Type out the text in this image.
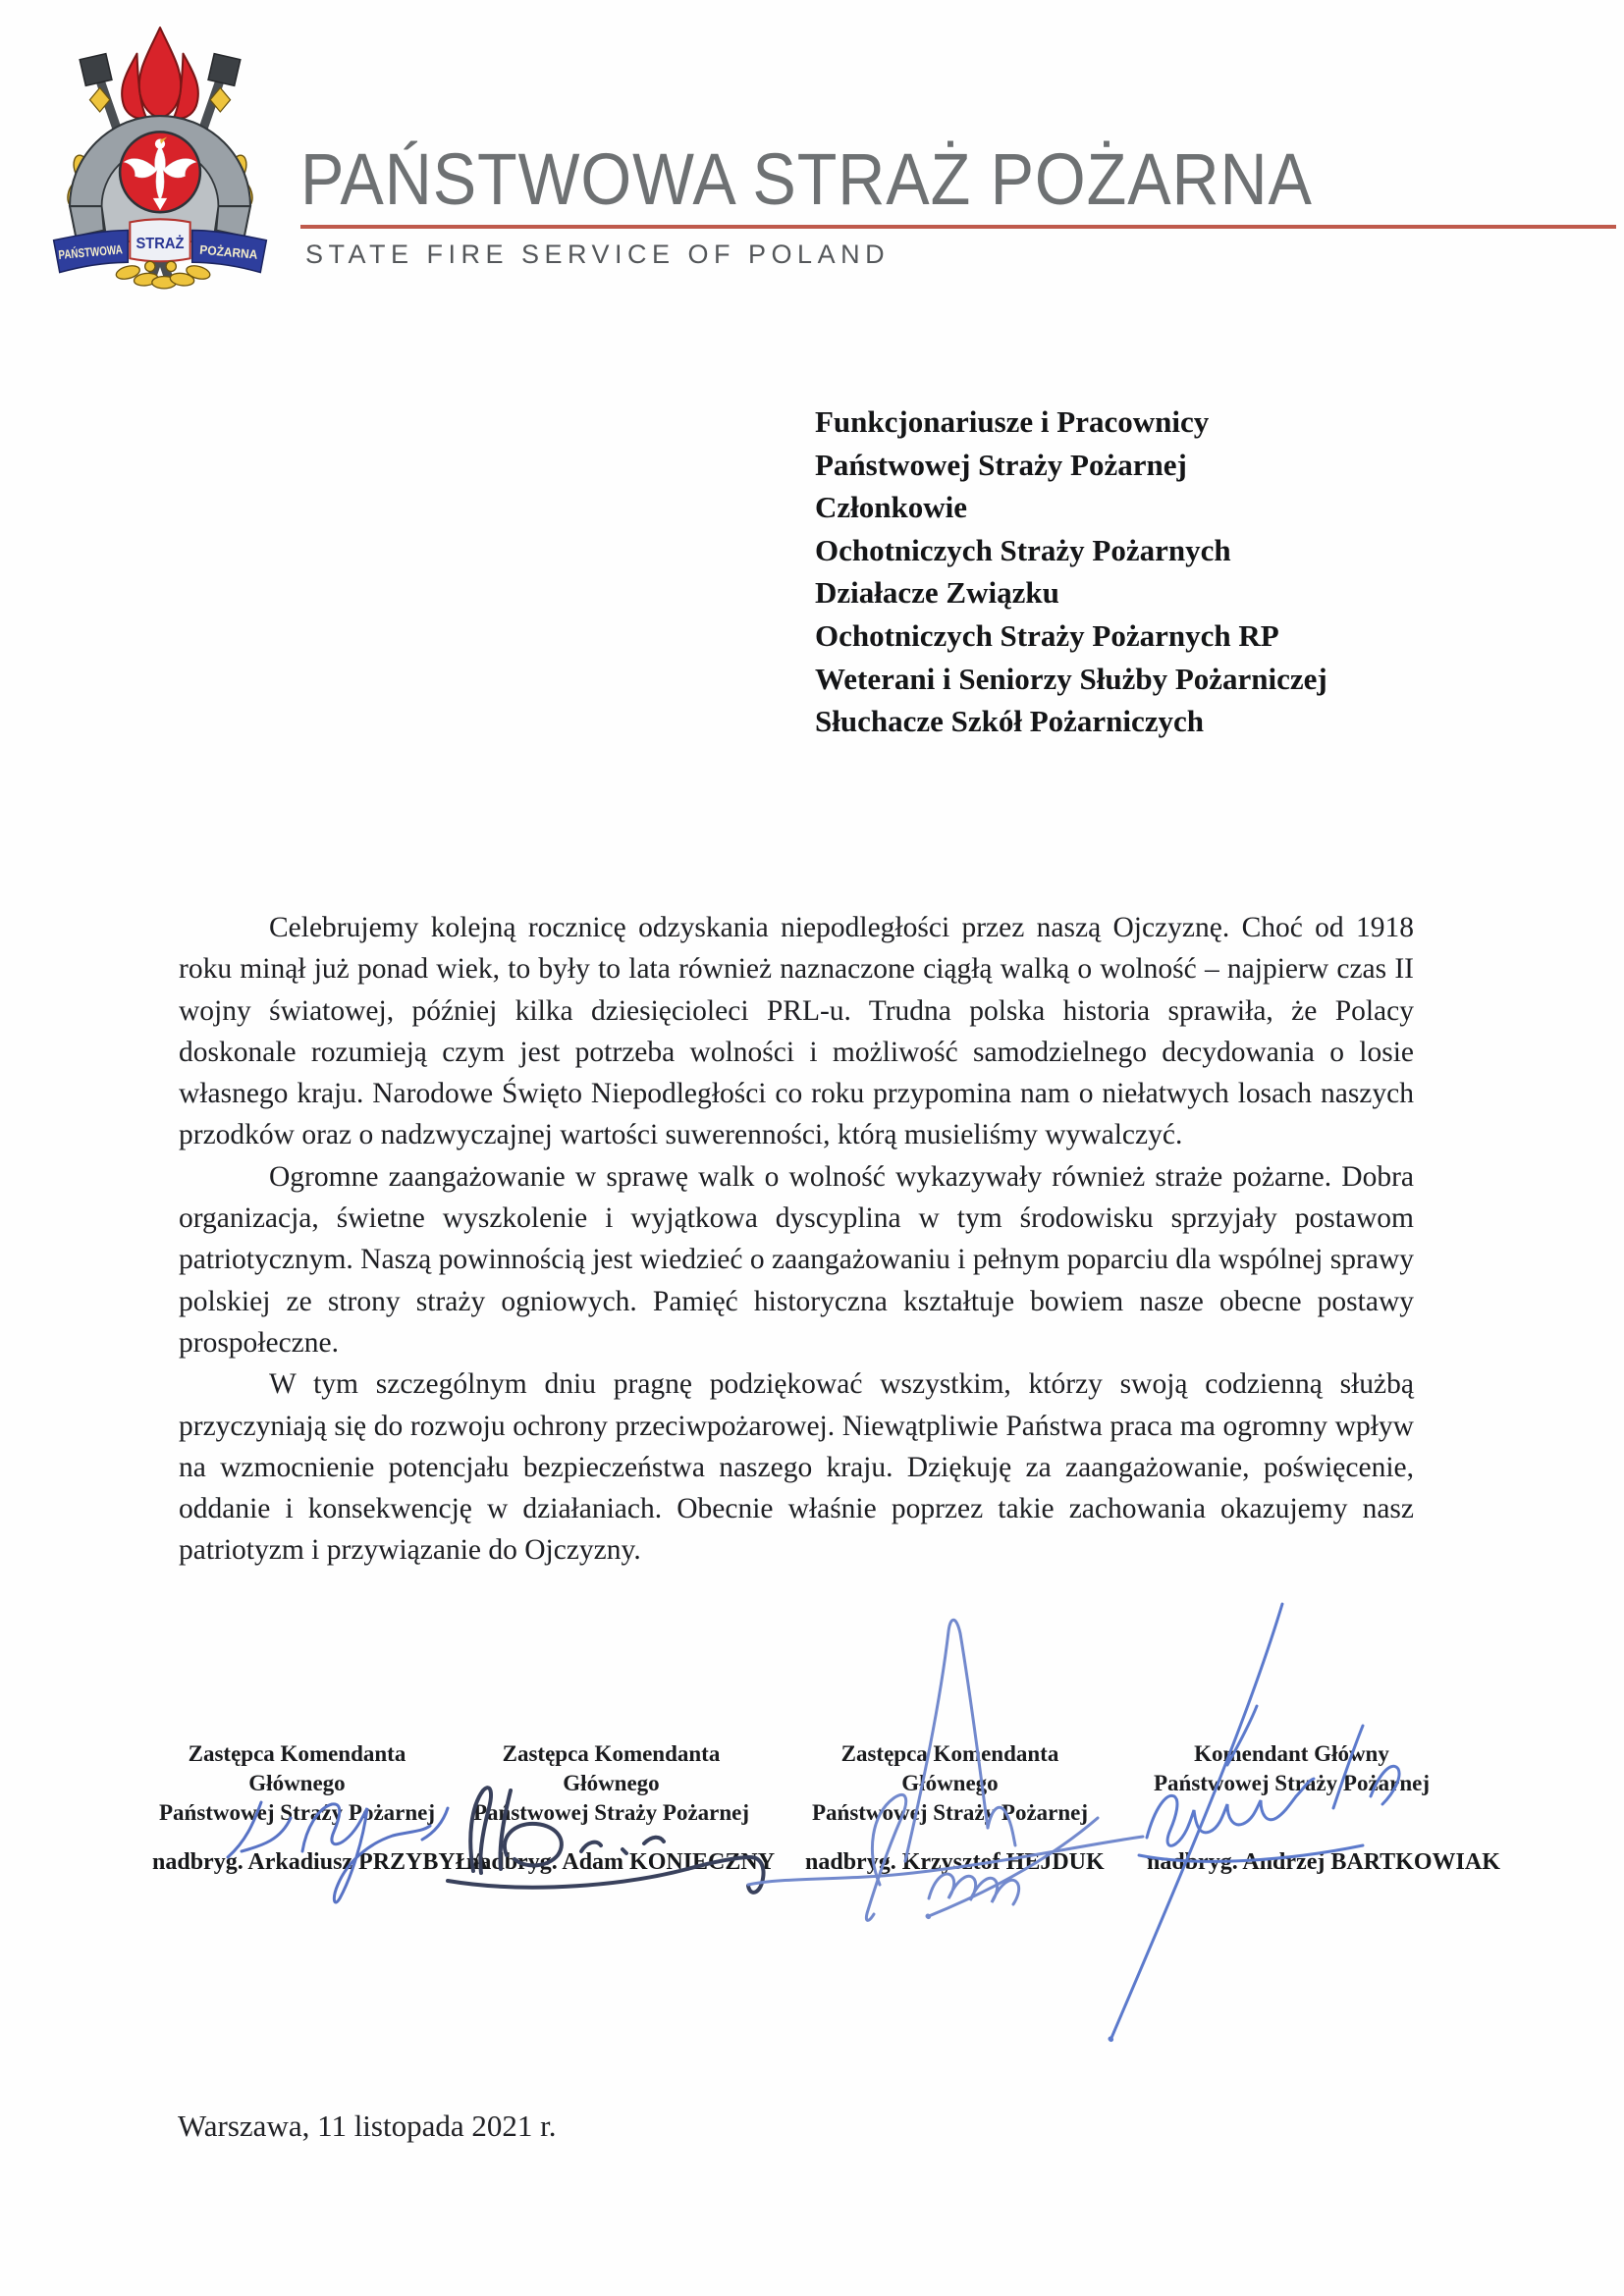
PAŃSTWOWA
STRAŻ POŻARNA
PAŃSTWOWA STRAŻ POŻARNA
STATE FIRE SERVICE OF POLAND
Funkcjonariusze i Pracownicy
Państwowej Straży Pożarnej
Członkowie
Ochotniczych Straży Pożarnych
Działacze Związku
Ochotniczych Straży Pożarnych RP
Weterani i Seniorzy Służby Pożarniczej
Słuchacze Szkół Pożarniczych

Celebrujemy kolejną rocznicę odzyskania niepodległości przez naszą Ojczyznę. Choć od 1918 roku minął już ponad wiek, to były to lata również naznaczone ciągłą walką o wolność – najpierw czas II wojny światowej, później kilka dziesięcioleci PRL-u. Trudna polska historia sprawiła, że Polacy doskonale rozumieją czym jest potrzeba wolności i możliwość samodzielnego decydowania o losie własnego kraju. Narodowe Święto Niepodległości co roku przypomina nam o niełatwych losach naszych przodków oraz o nadzwyczajnej wartości suwerenności, którą musieliśmy wywalczyć.

Ogromne zaangażowanie w sprawę walk o wolność wykazywały również straże pożarne. Dobra organizacja, świetne wyszkolenie i wyjątkowa dyscyplina w tym środowisku sprzyjały postawom patriotycznym. Naszą powinnością jest wiedzieć o zaangażowaniu i pełnym poparciu dla wspólnej sprawy polskiej ze strony straży ogniowych. Pamięć historyczna kształtuje bowiem nasze obecne postawy prospołeczne.

W tym szczególnym dniu pragnę podziękować wszystkim, którzy swoją codzienną służbą przyczyniają się do rozwoju ochrony przeciwpożarowej. Niewątpliwie Państwa praca ma ogromny wpływ na wzmocnienie potencjału bezpieczeństwa naszego kraju. Dziękuję za zaangażowanie, poświęcenie, oddanie i konsekwencję w działaniach. Obecnie właśnie poprzez takie zachowania okazujemy nasz patriotyzm i przywiązanie do Ojczyzny.

Zastępca Komendanta Głównego
Państwowej Straży Pożarnej
Zastępca Komendanta Głównego
Państwowej Straży Pożarnej
Zastępca Komendanta Głównego
Państwowej Straży Pożarnej
Komendant Główny
Państwowej Straży Pożarnej
nadbryg. Arkadiusz PRZYBYŁA
nadbryg. Adam KONIECZNY nadbryg. Krzysztof HEJDUK nadbryg. Andrzej BARTKOWIAK
Warszawa, 11 listopada 2021 r.
